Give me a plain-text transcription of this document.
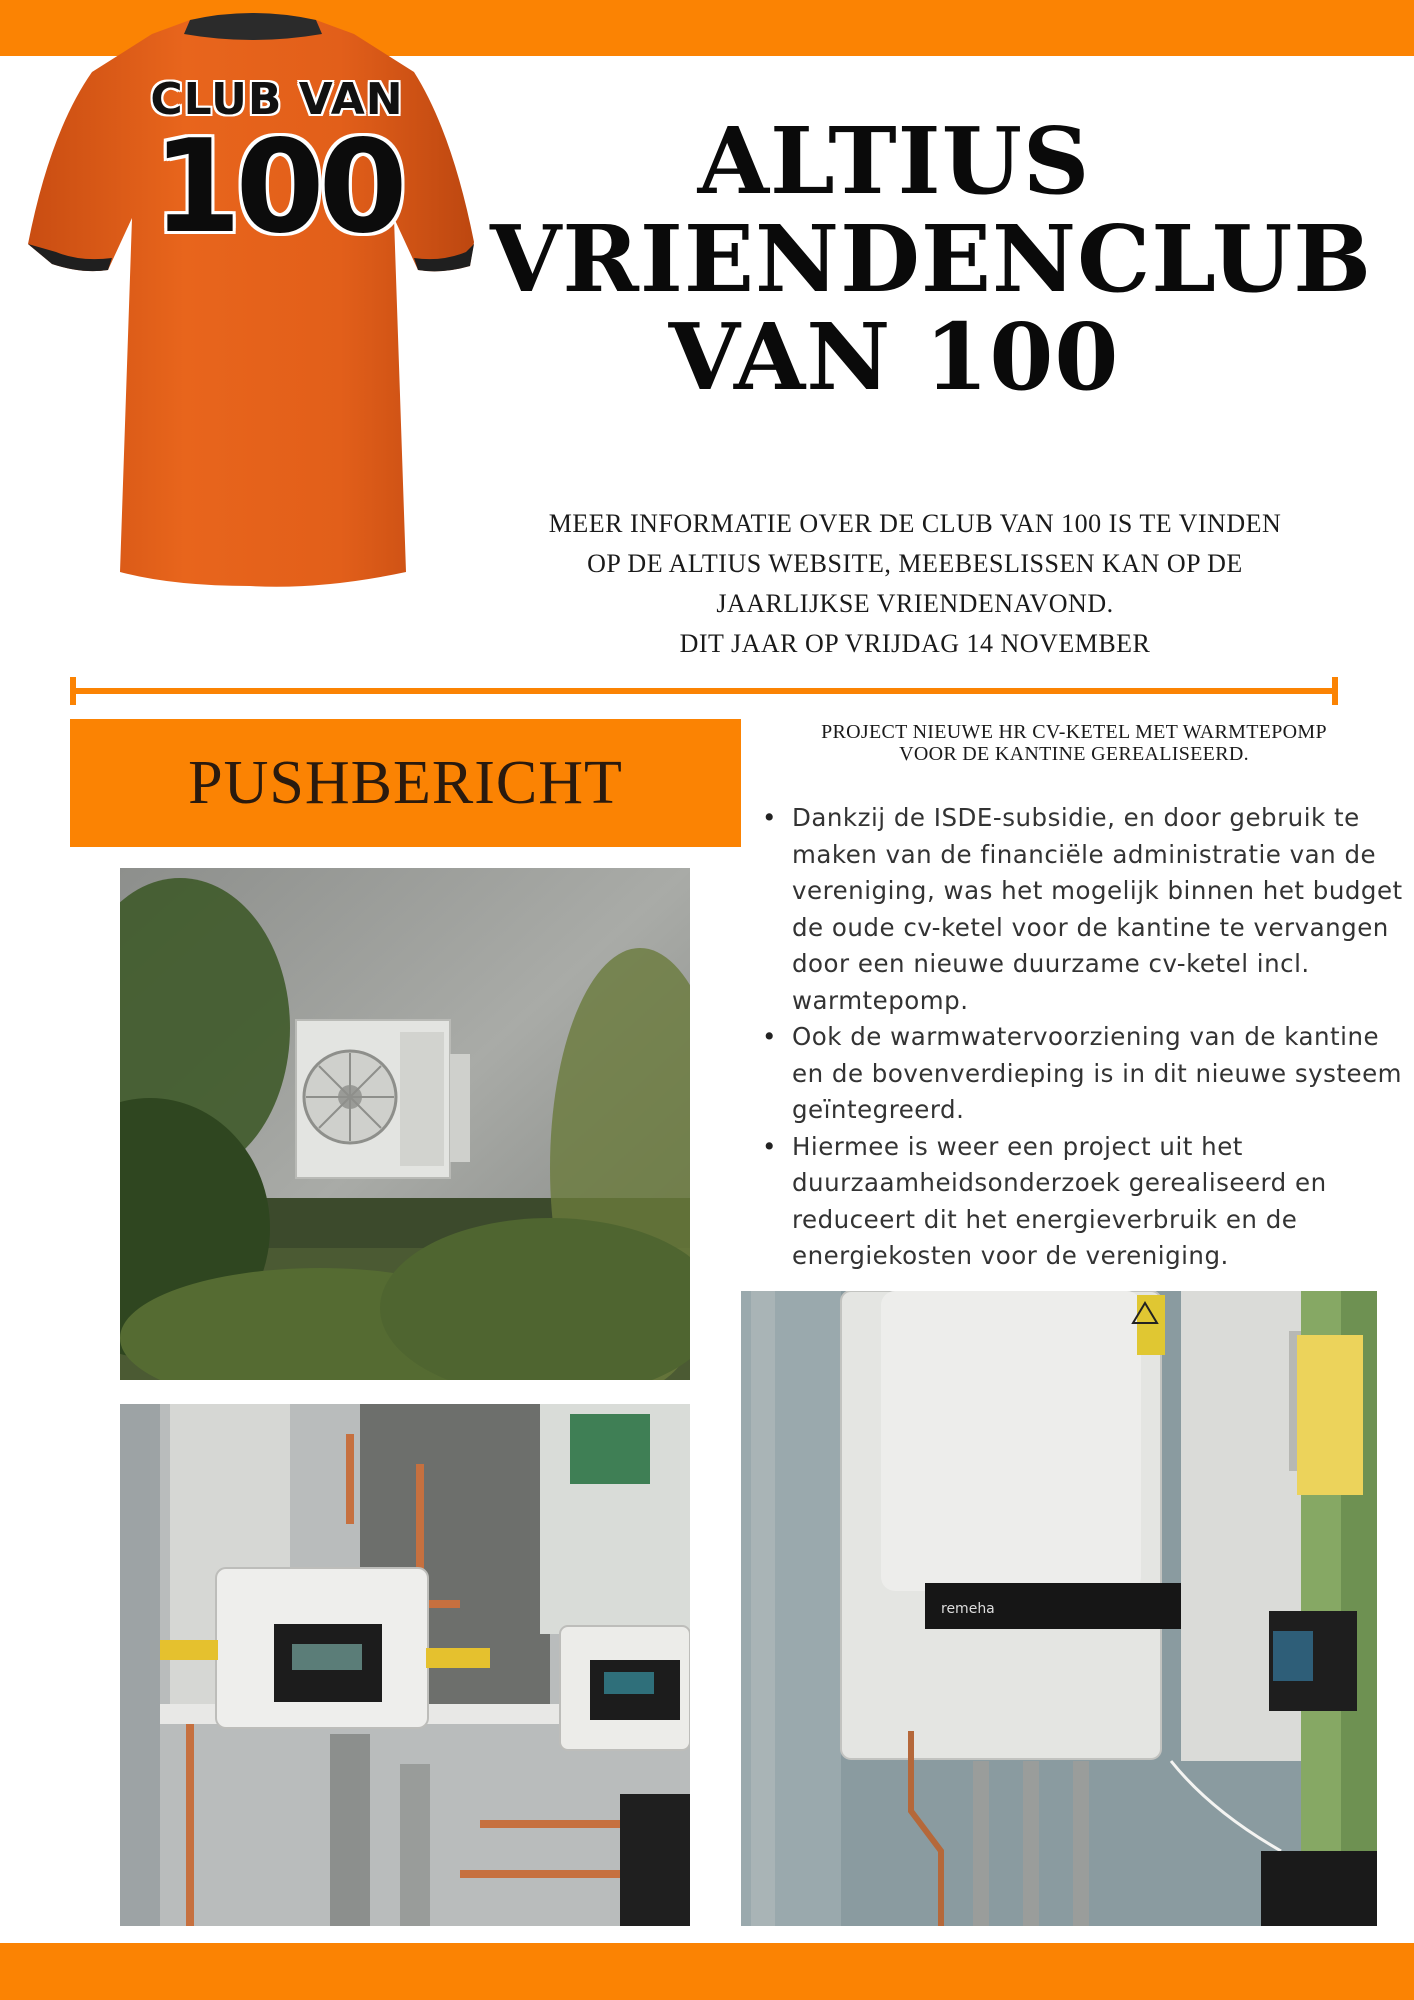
CLUB VAN
100	ALTIUS
VRIENDENCLUB
VAN 100
MEER INFORMATIE OVER DE CLUB VAN 100 IS TE VINDEN
OP DE ALTIUS WEBSITE, MEEBESLISSEN KAN OP DE
JAARLIJKSE VRIENDENAVOND.
DIT JAAR OP VRIJDAG 14 NOVEMBER
PUSHBERICHT
PROJECT NIEUWE HR CV-KETEL MET WARMTEPOMP
VOOR DE KANTINE GEREALISEERD.
• Dankzij de ISDE-subsidie, en door gebruik te maken van de financiële administratie van de vereniging, was het mogelijk binnen het budget de oude cv-ketel voor de kantine te vervangen door een nieuwe duurzame cv-ketel incl. warmtepomp.
• Ook de warmwatervoorziening van de kantine en de bovenverdieping is in dit nieuwe systeem geïntegreerd.
• Hiermee is weer een project uit het duurzaamheidsonderzoek gerealiseerd en reduceert dit het energieverbruik en de energiekosten voor de vereniging.
remeha
